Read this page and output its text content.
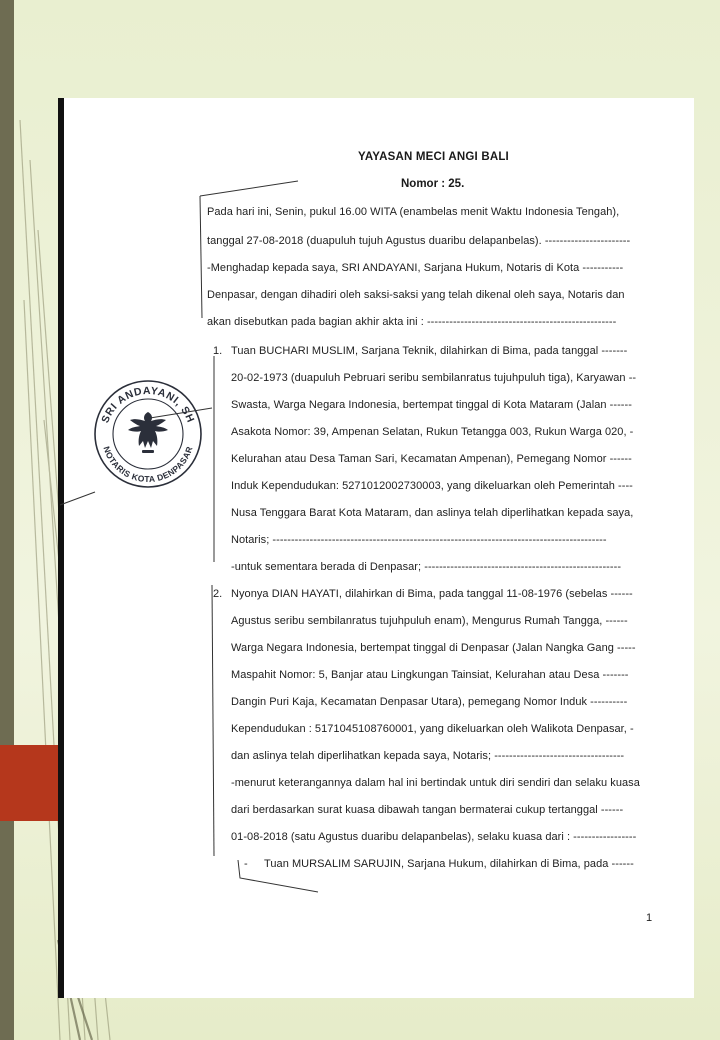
YAYASAN MECI ANGI BALI
Nomor : 25.
Pada hari ini, Senin, pukul 16.00 WITA (enambelas menit Waktu Indonesia Tengah),
tanggal 27-08-2018 (duapuluh tujuh Agustus duaribu delapanbelas). -----------------------
-Menghadap kepada saya, SRI ANDAYANI, Sarjana Hukum, Notaris di Kota -----------
Denpasar, dengan dihadiri oleh saksi-saksi yang telah dikenal oleh saya, Notaris dan
akan disebutkan pada bagian akhir akta ini : ---------------------------------------------------
1. Tuan BUCHARI MUSLIM, Sarjana Teknik, dilahirkan di Bima, pada tanggal -------
20-02-1973 (duapuluh Pebruari seribu sembilanratus tujuhpuluh tiga), Karyawan --
Swasta, Warga Negara Indonesia, bertempat tinggal di Kota Mataram (Jalan ------
Asakota Nomor: 39, Ampenan Selatan, Rukun Tetangga 003, Rukun Warga 020, -
Kelurahan atau Desa Taman Sari, Kecamatan Ampenan), Pemegang Nomor ------
Induk Kependudukan: 5271012002730003, yang dikeluarkan oleh Pemerintah ----
Nusa Tenggara Barat Kota Mataram, dan aslinya telah diperlihatkan kepada saya,
Notaris; ------------------------------------------------------------------------------------------
-untuk sementara berada di Denpasar; -----------------------------------------------------
2. Nyonya DIAN HAYATI, dilahirkan di Bima, pada tanggal 11-08-1976 (sebelas ------
Agustus seribu sembilanratus tujuhpuluh enam), Mengurus Rumah Tangga, ------
Warga Negara Indonesia, bertempat tinggal di Denpasar (Jalan Nangka Gang -----
Maspahit Nomor: 5, Banjar atau Lingkungan Tainsiat, Kelurahan atau Desa -------
Dangin Puri Kaja, Kecamatan Denpasar Utara), pemegang Nomor Induk ----------
Kependudukan : 5171045108760001, yang dikeluarkan oleh Walikota Denpasar, -
dan aslinya telah diperlihatkan kepada saya, Notaris; -----------------------------------
-menurut keterangannya dalam hal ini bertindak untuk diri sendiri dan selaku kuasa
dari berdasarkan surat kuasa dibawah tangan bermaterai cukup tertanggal ------
01-08-2018 (satu Agustus duaribu delapanbelas), selaku kuasa dari : -----------------
- Tuan MURSALIM SARUJIN, Sarjana Hukum, dilahirkan di Bima, pada ------
1
SRI ANDAYANI, SH
NOTARIS KOTA DENPASAR
